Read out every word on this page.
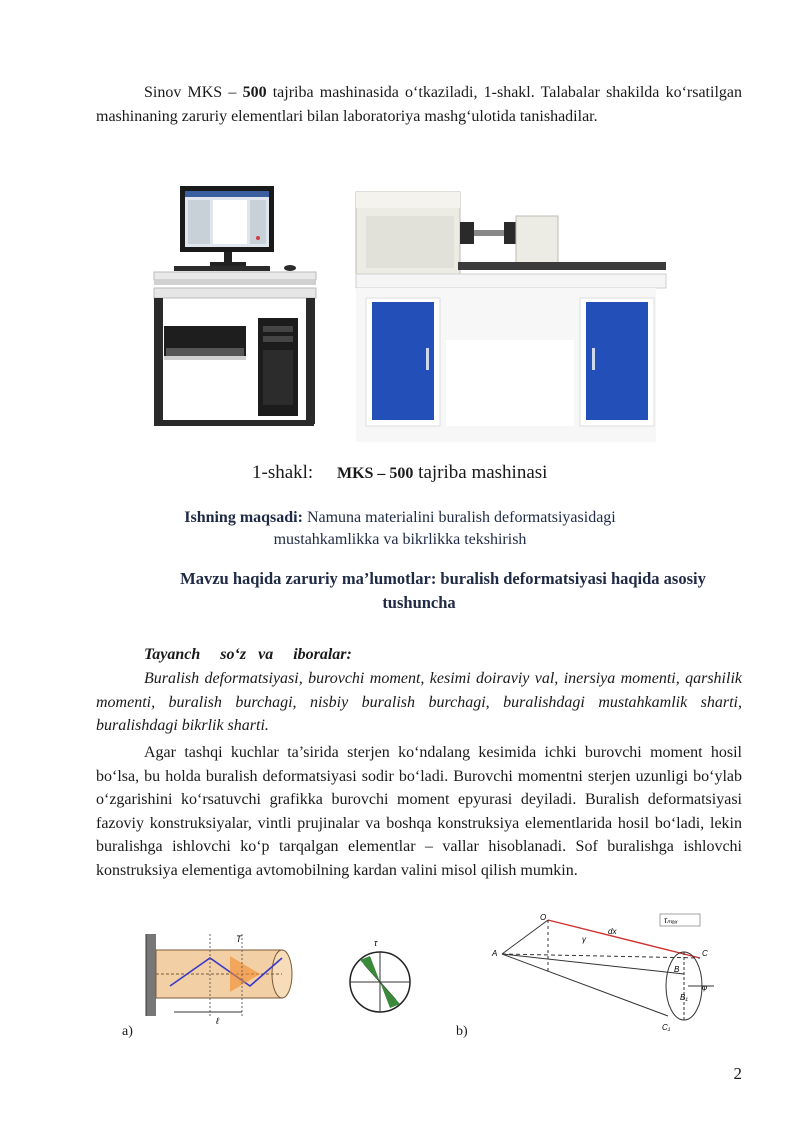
Sinov MKS – 500 tajriba mashinasida o‘tkaziladi, 1-shakl. Talabalar shakilda ko‘rsatilgan mashinaning zaruriy elementlari bilan laboratoriya mashg‘ulotida tanishadilar.

1-shakl: MKS – 500 tajriba mashinasi
Ishning maqsadi: Namuna materialini buralish deformatsiyasidagi mustahkamlikka va bikrlikka tekshirish
Mavzu haqida zaruriy ma’lumotlar: buralish deformatsiyasi haqida asosiy tushuncha
Tayanch     so‘z   va     iboralar:

Buralish deformatsiyasi, burovchi moment, kesimi doiraviy val, inersiya momenti, qarshilik momenti, buralish burchagi, nisbiy buralish burchagi, buralishdagi mustahkamlik sharti, buralishdagi bikrlik sharti.

Agar tashqi kuchlar ta’sirida sterjen ko‘ndalang kesimida ichki burovchi moment hosil bo‘lsa, bu holda buralish deformatsiyasi sodir bo‘ladi. Burovchi momentni sterjen uzunligi bo‘ylab o‘zgarishini ko‘rsatuvchi grafikka burovchi moment epyurasi deyiladi. Buralish deformatsiyasi fazoviy konstruksiyalar, vintli prujinalar va boshqa konstruksiya elementlarida hosil bo‘ladi, lekin buralishga ishlovchi ko‘p tarqalgan elementlar – vallar hisoblanadi. Sof buralishga ishlovchi konstruksiya elementiga avtomobilning kardan valini misol qilish mumkin.

ℓ
T	τ
τₘₐₓ
O
A	C
C₁
B
B₁
dx
γ
φ
a)	b)
2
